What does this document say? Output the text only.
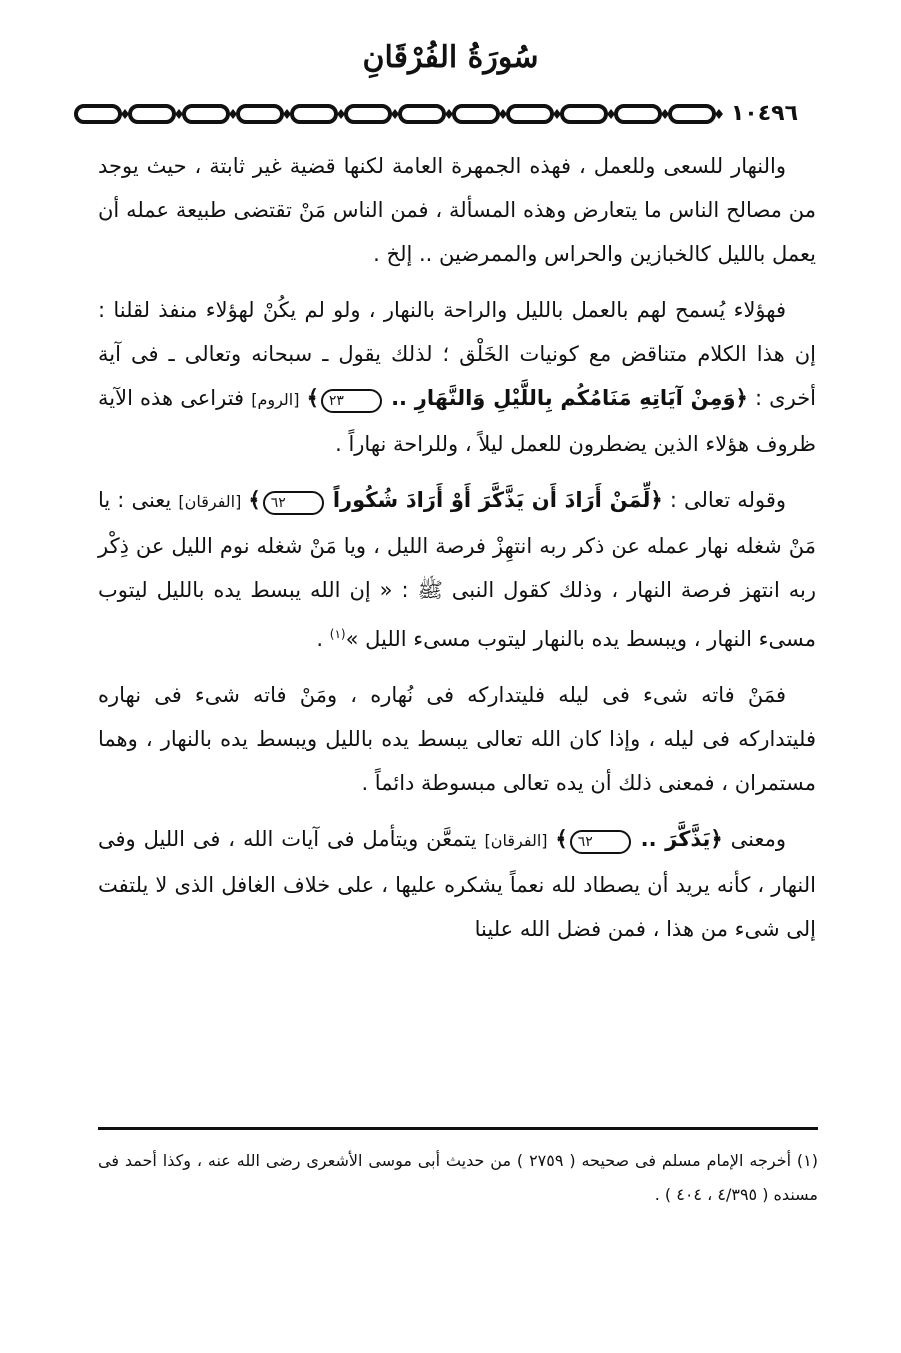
سُورَةُ الفُرْقَانِ
١٠٤٩٦

والنهار للسعى وللعمل ، فهذه الجمهرة العامة لكنها قضية غير ثابتة ، حيث يوجد من مصالح الناس ما يتعارض وهذه المسألة ، فمن الناس مَنْ تقتضى طبيعة عمله أن يعمل بالليل كالخبازين والحراس والممرضين .. إلخ .

فهؤلاء يُسمح لهم بالعمل بالليل والراحة بالنهار ، ولو لم يكُنْ لهؤلاء منفذ لقلنا : إن هذا الكلام متناقض مع كونيات الخَلْق ؛ لذلك يقول ـ سبحانه وتعالى ـ فى آية أخرى : ﴿وَمِنْ آيَاتِهِ مَنَامُكُم بِاللَّيْلِ وَالنَّهَارِ .. ٢٣﴾ [الروم] فتراعى هذه الآية ظروف هؤلاء الذين يضطرون للعمل ليلاً ، وللراحة نهاراً .

وقوله تعالى : ﴿لِّمَنْ أَرَادَ أَن يَذَّكَّرَ أَوْ أَرَادَ شُكُوراً ٦٢﴾ [الفرقان] يعنى : يا مَنْ شغله نهار عمله عن ذكر ربه انتهِزْ فرصة الليل ، ويا مَنْ شغله نوم الليل عن ذِكْر ربه انتهز فرصة النهار ، وذلك كقول النبى ﷺ : « إن الله يبسط يده بالليل ليتوب مسىء النهار ، ويبسط يده بالنهار ليتوب مسىء الليل »$^{(١)}$ .

فمَنْ فاته شىء فى ليله فليتداركه فى نُهاره ، ومَنْ فاته شىء فى نهاره فليتداركه فى ليله ، وإذا كان الله تعالى يبسط يده بالليل ويبسط يده بالنهار ، وهما مستمران ، فمعنى ذلك أن يده تعالى مبسوطة دائماً .

ومعنى ﴿يَذَّكَّرَ .. ٦٢﴾ [الفرقان] يتمعَّن ويتأمل فى آيات الله ، فى الليل وفى النهار ، كأنه يريد أن يصطاد لله نعماً يشكره عليها ، على خلاف الغافل الذى لا يلتفت إلى شىء من هذا ، فمن فضل الله علينا

(١) أخرجه الإمام مسلم فى صحيحه ( ٢٧٥٩ ) من حديث أبى موسى الأشعرى رضى الله عنه ، وكذا أحمد فى مسنده ( ٤/٣٩٥ ، ٤٠٤ ) .
